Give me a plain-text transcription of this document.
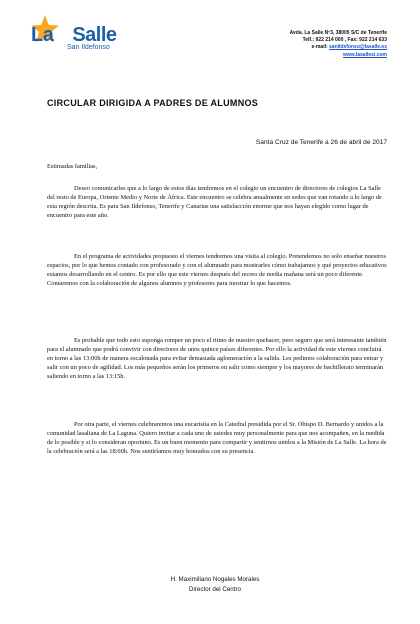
La Salle
San Ildefonso
Avda. La Salle Nº3, 38005 S/C de Tenerife
Telf.: 922 214 000 , Fax: 922 214 633
e-mail: sanildefonso@lasalle.es
www.lasallesi.com
CIRCULAR DIRIGIDA A PADRES DE ALUMNOS
Santa Cruz de Tenerife a 26 de abril de 2017

Estimadas familias,

Deseo comunicarles que a lo largo de estos días tendremos en el colegio un encuentro de directores de colegios La Salle del resto de Europa, Oriente Medio y Norte de África. Este encuentro se celebra anualmente en sedes que van rotando a lo largo de esta región descrita. Es para San Ildefonso, Tenerife y Canarias una satisfacción enorme que nos hayan elegido como lugar de encuentro para este año.

En el programa de actividades propuesto el viernes tendremos una visita al colegio. Pretendemos no solo enseñar nuestros espacios, por lo que hemos contado con profesorado y con el alumnado para mostrarles cómo trabajamos y qué proyectos educativos estamos desarrollando en el centro. Es por ello que este viernes después del recreo de media mañana será un poco diferente. Contaremos con la colaboración de algunos alumnos y profesores para mostrar lo que hacemos.

Es probable que todo esto suponga romper un poco el ritmo de nuestro quehacer, pero seguro que será interesante también para el alumnado que podrá convivir con directores de unos quince países diferentes. Por ello la actividad de este viernes concluirá en torno a las 13:00h de manera escalonada para evitar demasiada aglomeración a la salida. Les pedimos colaboración para entrar y salir con un poco de agilidad. Los más pequeños serán los primeros en salir como siempre y los mayores de bachillerato terminarán saliendo en torno a las 13:15h.

Por otra parte, el viernes celebraremos una eucaristía en la Catedral presidida por el Sr. Obispo D. Bernardo y unidos a la comunidad lasaliana de La Laguna. Quiero invitar a cada uno de ustedes muy personalmente para que nos acompañen, en la medida de lo posible y si lo consideran oportuno. Es un buen momento para compartir y sentirnos unidos a la Misión de La Salle. La hora de la celebración será a las 18:00h. Nos sentiríamos muy honrados con su presencia.

H. Maximiliano Nogales Morales
Director del Centro
